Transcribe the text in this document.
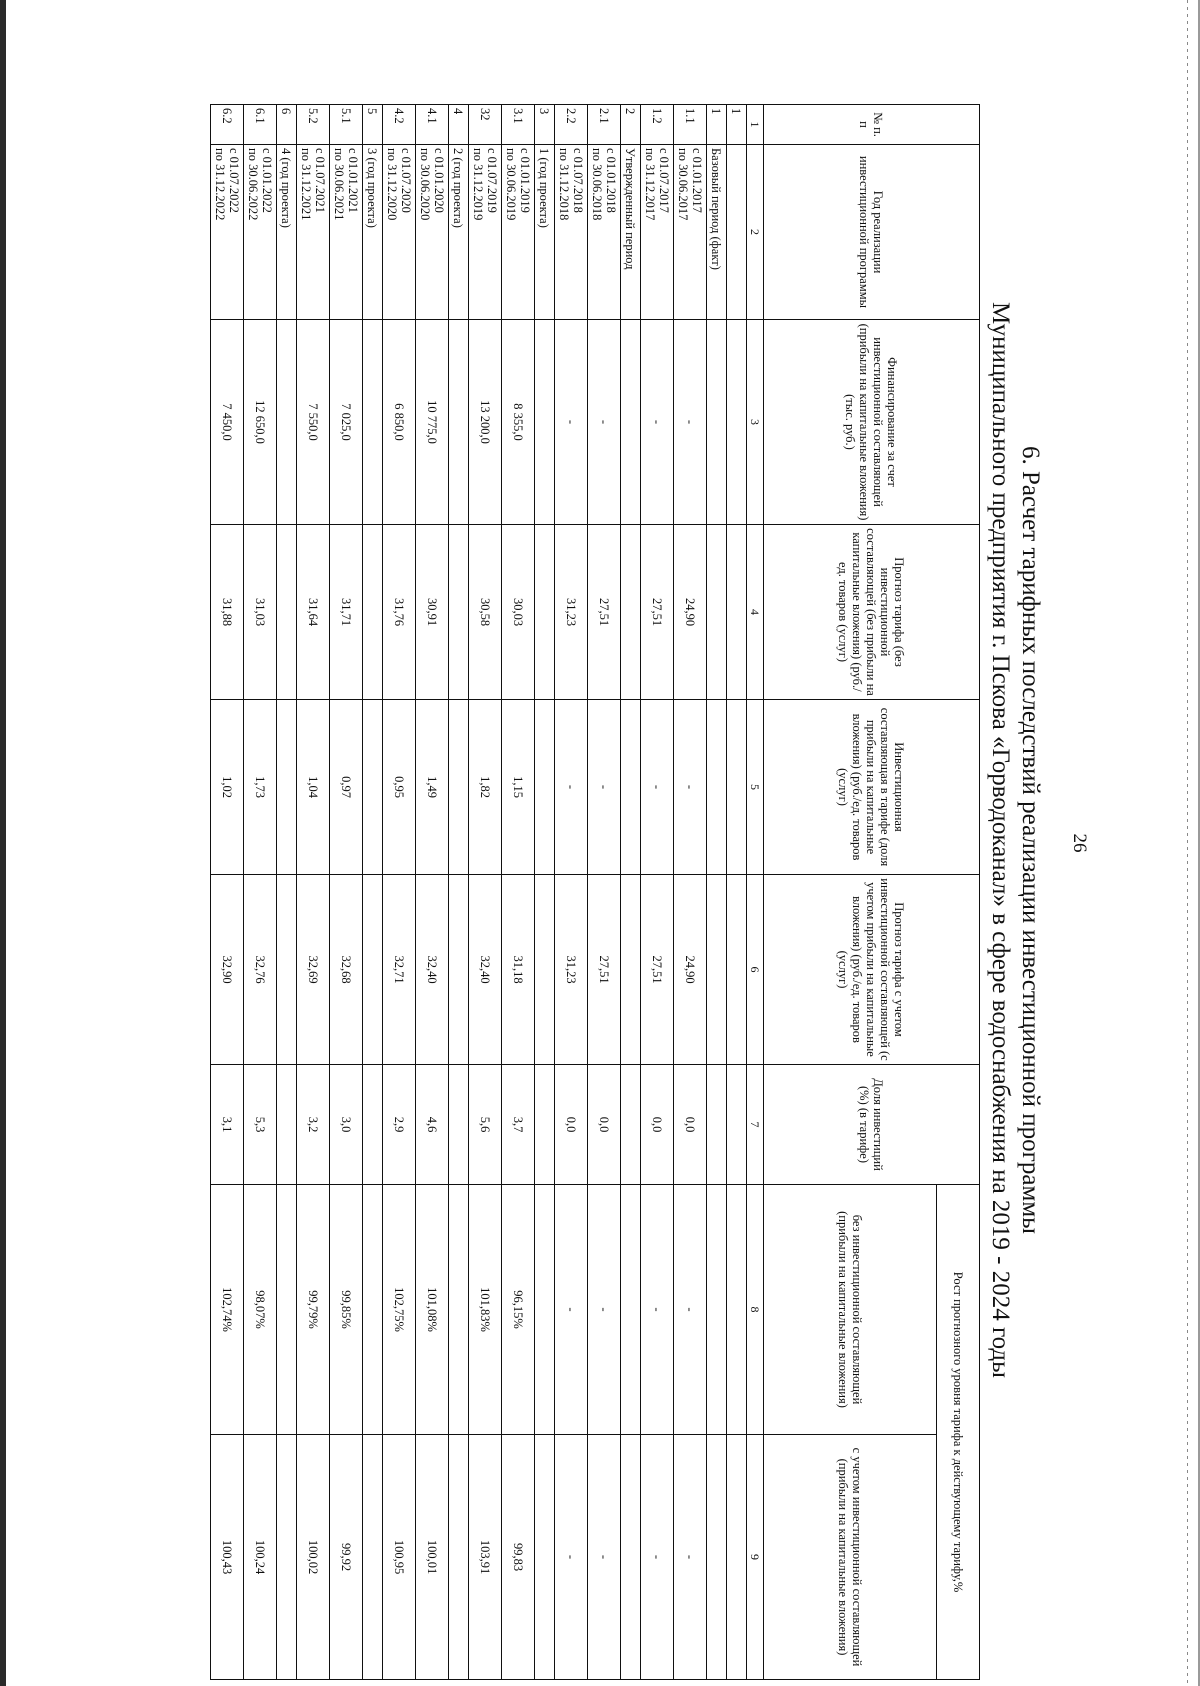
26
6. Расчет тарифных последствий реализации инвестиционной программы
Муниципального предприятия г. Пскова «Горводоканал» в сфере водоснабжения на 2019 - 2024 годы
№ п. п	Год реализации инвестиционной программы	Финансирование за счет инвестиционной составляющей (прибыли на капитальные вложения) (тыс. руб.)	Прогноз тарифа (без инвестиционной составляющей (без прибыли на капитальные вложения) (руб./ед. товаров (услуг)	Инвестиционная составляющая в тарифе (доля прибыли на капитальные вложения) (руб./ед. товаров (услуг)	Прогноз тарифа с учетом инвестиционной составляющей (с учетом прибыли на капитальные вложения) (руб./ед. товаров (услуг)	Доля инвестиций (%) (в тарифе)	Рост прогнозного уровня тарифа к действующему тарифу,%	
							без инвестиционной составляющей (прибыли на капитальные вложения)	с учетом инвестиционной составляющей (прибыли на капитальные вложения)
1	2	3	4	5	6	7	8	9
1								
1	Базовый период (факт)							
1.1	с 01.01.2017
по 30.06.2017	-	24,90	-	24,90	0,0	-	-
1.2	с 01.07.2017
по 31.12.2017	-	27,51	-	27,51	0,0	-	-
2	Утвержденный период							
2.1	с 01.01.2018
по 30.06.2018	-	27,51	-	27,51	0,0	-	-
2.2	с 01.07.2018
по 31.12.2018	-	31,23	-	31,23	0,0	-	-
3	1 (год проекта)							
3.1	с 01.01.2019
по 30.06.2019	8 355,0	30,03	1,15	31,18	3,7	96,15%	99,83
32	с 01.07.2019
по 31.12.2019	13 200,0	30,58	1,82	32,40	5,6	101,83%	103,91
4	2 (год проекта)							
4.1	с 01.01.2020
по 30.06.2020	10 775,0	30,91	1,49	32,40	4,6	101,08%	100,01
4.2	с 01.07.2020
по 31.12.2020	6 850,0	31,76	0,95	32,71	2,9	102,75%	100,95
5	3 (год проекта)							
5.1	с 01.01.2021
по 30.06.2021	7 025,0	31,71	0,97	32,68	3,0	99,85%	99,92
5.2	с 01.07.2021
по 31.12.2021	7 550,0	31,64	1,04	32,69	3,2	99,79%	100,02
6	4 (год проекта)							
6.1	с 01.01.2022
по 30.06.2022	12 650,0	31,03	1,73	32,76	5,3	98,07%	100,24
6.2	с 01.07.2022
по 31.12.2022	7 450,0	31,88	1,02	32,90	3,1	102,74%	100,43
